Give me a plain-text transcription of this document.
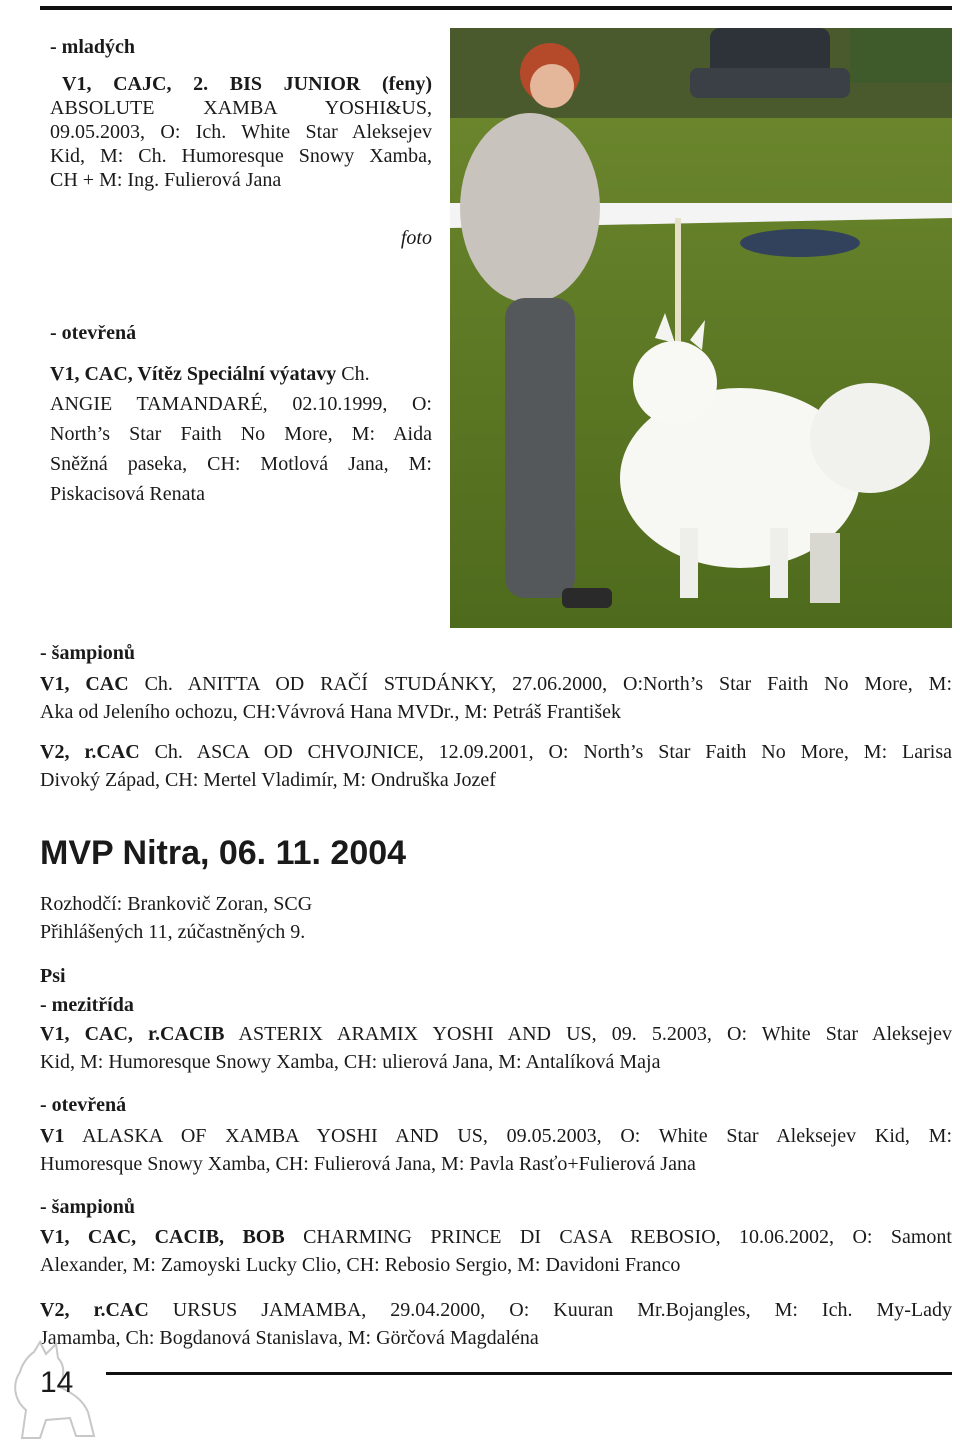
- mladých
V1, CAJC, 2. BIS JUNIOR (feny)
ABSOLUTE XAMBA YOSHI&US,
09.05.2003, O: Ich. White Star Aleksejev
Kid, M: Ch. Humoresque Snowy Xamba,
CH + M: Ing. Fulierová Jana
foto
- otevřená
V1, CAC, Vítěz Speciální výatavy Ch.
ANGIE TAMANDARÉ, 02.10.1999, O:
North’s Star Faith No More, M: Aida
Sněžná paseka, CH: Motlová Jana, M:
Piskacisová Renata
- šampionů
V1, CAC Ch. ANITTA OD RAČÍ STUDÁNKY, 27.06.2000, O:North’s Star Faith No More, M:
Aka od Jeleního ochozu, CH:Vávrová Hana MVDr., M: Petráš František
V2, r.CAC Ch. ASCA OD CHVOJNICE, 12.09.2001, O: North’s Star Faith No More, M: Larisa
Divoký Západ, CH: Mertel Vladimír, M: Ondruška Jozef
MVP Nitra, 06. 11. 2004
Rozhodčí: Brankovič Zoran, SCG
Přihlášených 11, zúčastněných 9.
Psi
- mezitřída
V1, CAC, r.CACIB ASTERIX ARAMIX YOSHI AND US, 09. 5.2003, O: White Star Aleksejev
Kid, M: Humoresque Snowy Xamba, CH: ulierová Jana, M: Antalíková Maja
- otevřená
V1 ALASKA OF XAMBA YOSHI AND US, 09.05.2003, O: White Star Aleksejev Kid, M:
Humoresque Snowy Xamba, CH: Fulierová Jana, M: Pavla Rasťo+Fulierová Jana
- šampionů
V1, CAC, CACIB, BOB CHARMING PRINCE DI CASA REBOSIO, 10.06.2002, O: Samont
Alexander, M: Zamoyski Lucky Clio, CH: Rebosio Sergio, M: Davidoni Franco
V2, r.CAC URSUS JAMAMBA, 29.04.2000, O: Kuuran Mr.Bojangles, M: Ich. My-Lady
Jamamba, Ch: Bogdanová Stanislava, M: Görčová Magdaléna
14
